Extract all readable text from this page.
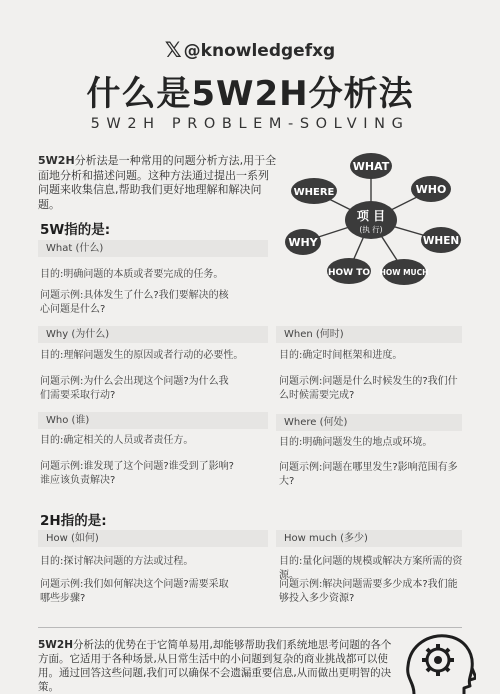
𝕏 @knowledgefxg
什么是5W2H分析法
5W2H PROBLEM-SOLVING
5W2H分析法是一种常用的问题分析方法,用于全面地分析和描述问题。这种方法通过提出一系列问题来收集信息,帮助我们更好地理解和解决问题。
WHAT
WHO
WHERE
WHY	WHEN
HOW TO HOW MUCH
项 目
(执 行)
5W指的是:
What (什么)
目的:明确问题的本质或者要完成的任务。
问题示例:具体发生了什么?我们要解决的核心问题是什么?
Why (为什么)
目的:理解问题发生的原因或者行动的必要性。
问题示例:为什么会出现这个问题?为什么我们需要采取行动?
When (何时)
目的:确定时间框架和进度。
问题示例:问题是什么时候发生的?我们什么时候需要完成?
Who (谁)
目的:确定相关的人员或者责任方。
问题示例:谁发现了这个问题?谁受到了影响?谁应该负责解决?
Where (何处)
目的:明确问题发生的地点或环境。
问题示例:问题在哪里发生?影响范围有多大?
2H指的是:
How (如何)
目的:探讨解决问题的方法或过程。
问题示例:我们如何解决这个问题?需要采取哪些步骤?
How much (多少)
目的:量化问题的规模或解决方案所需的资源。
问题示例:解决问题需要多少成本?我们能够投入多少资源?
5W2H分析法的优势在于它简单易用,却能够帮助我们系统地思考问题的各个方面。它适用于各种场景,从日常生活中的小问题到复杂的商业挑战都可以使用。通过回答这些问题,我们可以确保不会遗漏重要信息,从而做出更明智的决策。
